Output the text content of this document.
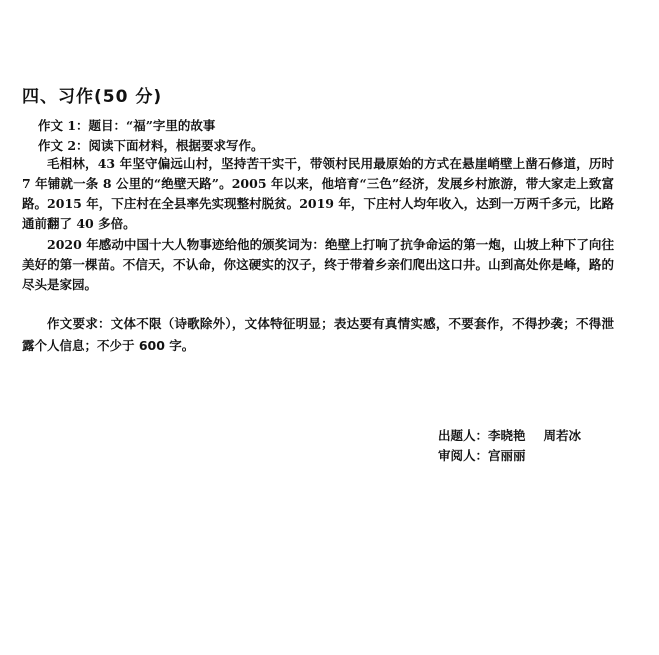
四、习作(50 分)
作文 1：题目：“福”字里的故事
作文 2：阅读下面材料，根据要求写作。

毛相林，43 年坚守偏远山村，坚持苦干实干，带领村民用最原始的方式在悬崖峭壁上凿石修道，历时 7 年铺就一条 8 公里的“绝壁天路”。2005 年以来，他培育“三色”经济，发展乡村旅游，带大家走上致富路。2015 年，下庄村在全县率先实现整村脱贫。2019 年，下庄村人均年收入，达到一万两千多元，比路通前翻了 40 多倍。

2020 年感动中国十大人物事迹给他的颁奖词为：绝壁上打响了抗争命运的第一炮，山坡上种下了向往美好的第一棵苗。不信天，不认命，你这硬实的汉子，终于带着乡亲们爬出这口井。山到高处你是峰，路的尽头是家园。

作文要求：文体不限（诗歌除外），文体特征明显；表达要有真情实感，不要套作，不得抄袭；不得泄露个人信息；不少于 600 字。

出题人：李晓艳 周若冰
审阅人：宫丽丽
